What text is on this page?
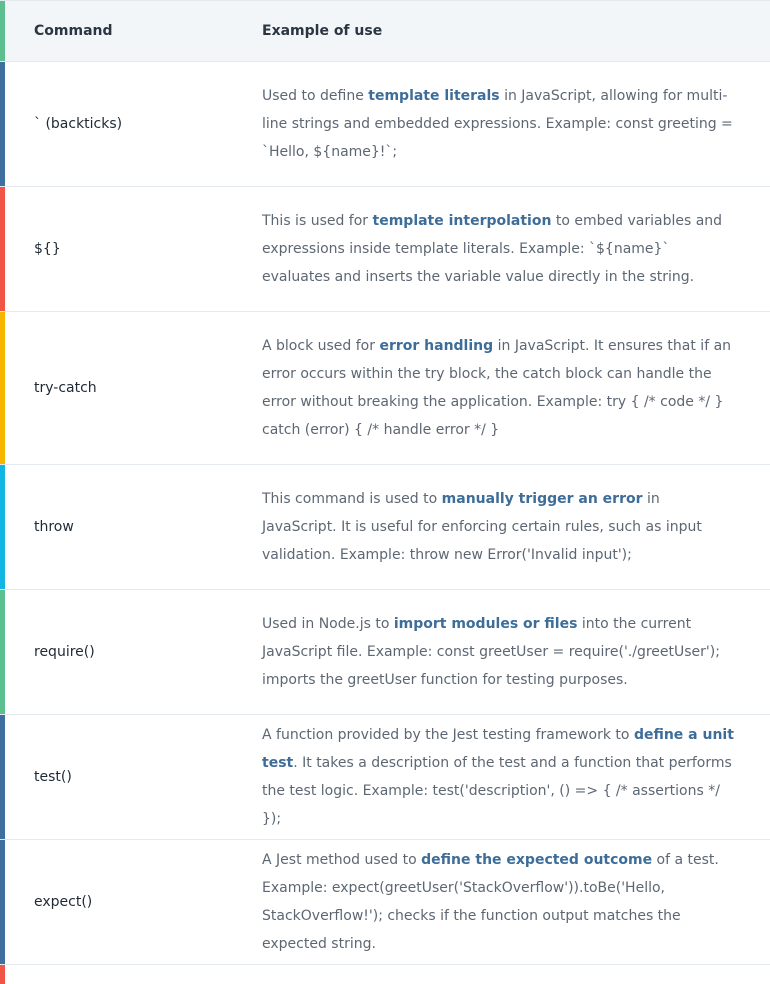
Command	Example of use
` (backticks)
Used to define template literals in JavaScript, allowing for multi-line strings and embedded expressions. Example: const greeting = `Hello, ${name}!`;
${}
This is used for template interpolation to embed variables and expressions inside template literals. Example: `${name}` evaluates and inserts the variable value directly in the string.
try-catch
A block used for error handling in JavaScript. It ensures that if an error occurs within the try block, the catch block can handle the error without breaking the application. Example: try { /* code */ } catch (error) { /* handle error */ }
throw
This command is used to manually trigger an error in JavaScript. It is useful for enforcing certain rules, such as input validation. Example: throw new Error('Invalid input');
require()
Used in Node.js to import modules or files into the current JavaScript file. Example: const greetUser = require('./greetUser'); imports the greetUser function for testing purposes.
test()
A function provided by the Jest testing framework to define a unit test. It takes a description of the test and a function that performs the test logic. Example: test('description', () => { /* assertions */ });
expect()
A Jest method used to define the expected outcome of a test. Example: expect(greetUser('StackOverflow')).toBe('Hello, StackOverflow!'); checks if the function output matches the expected string.
